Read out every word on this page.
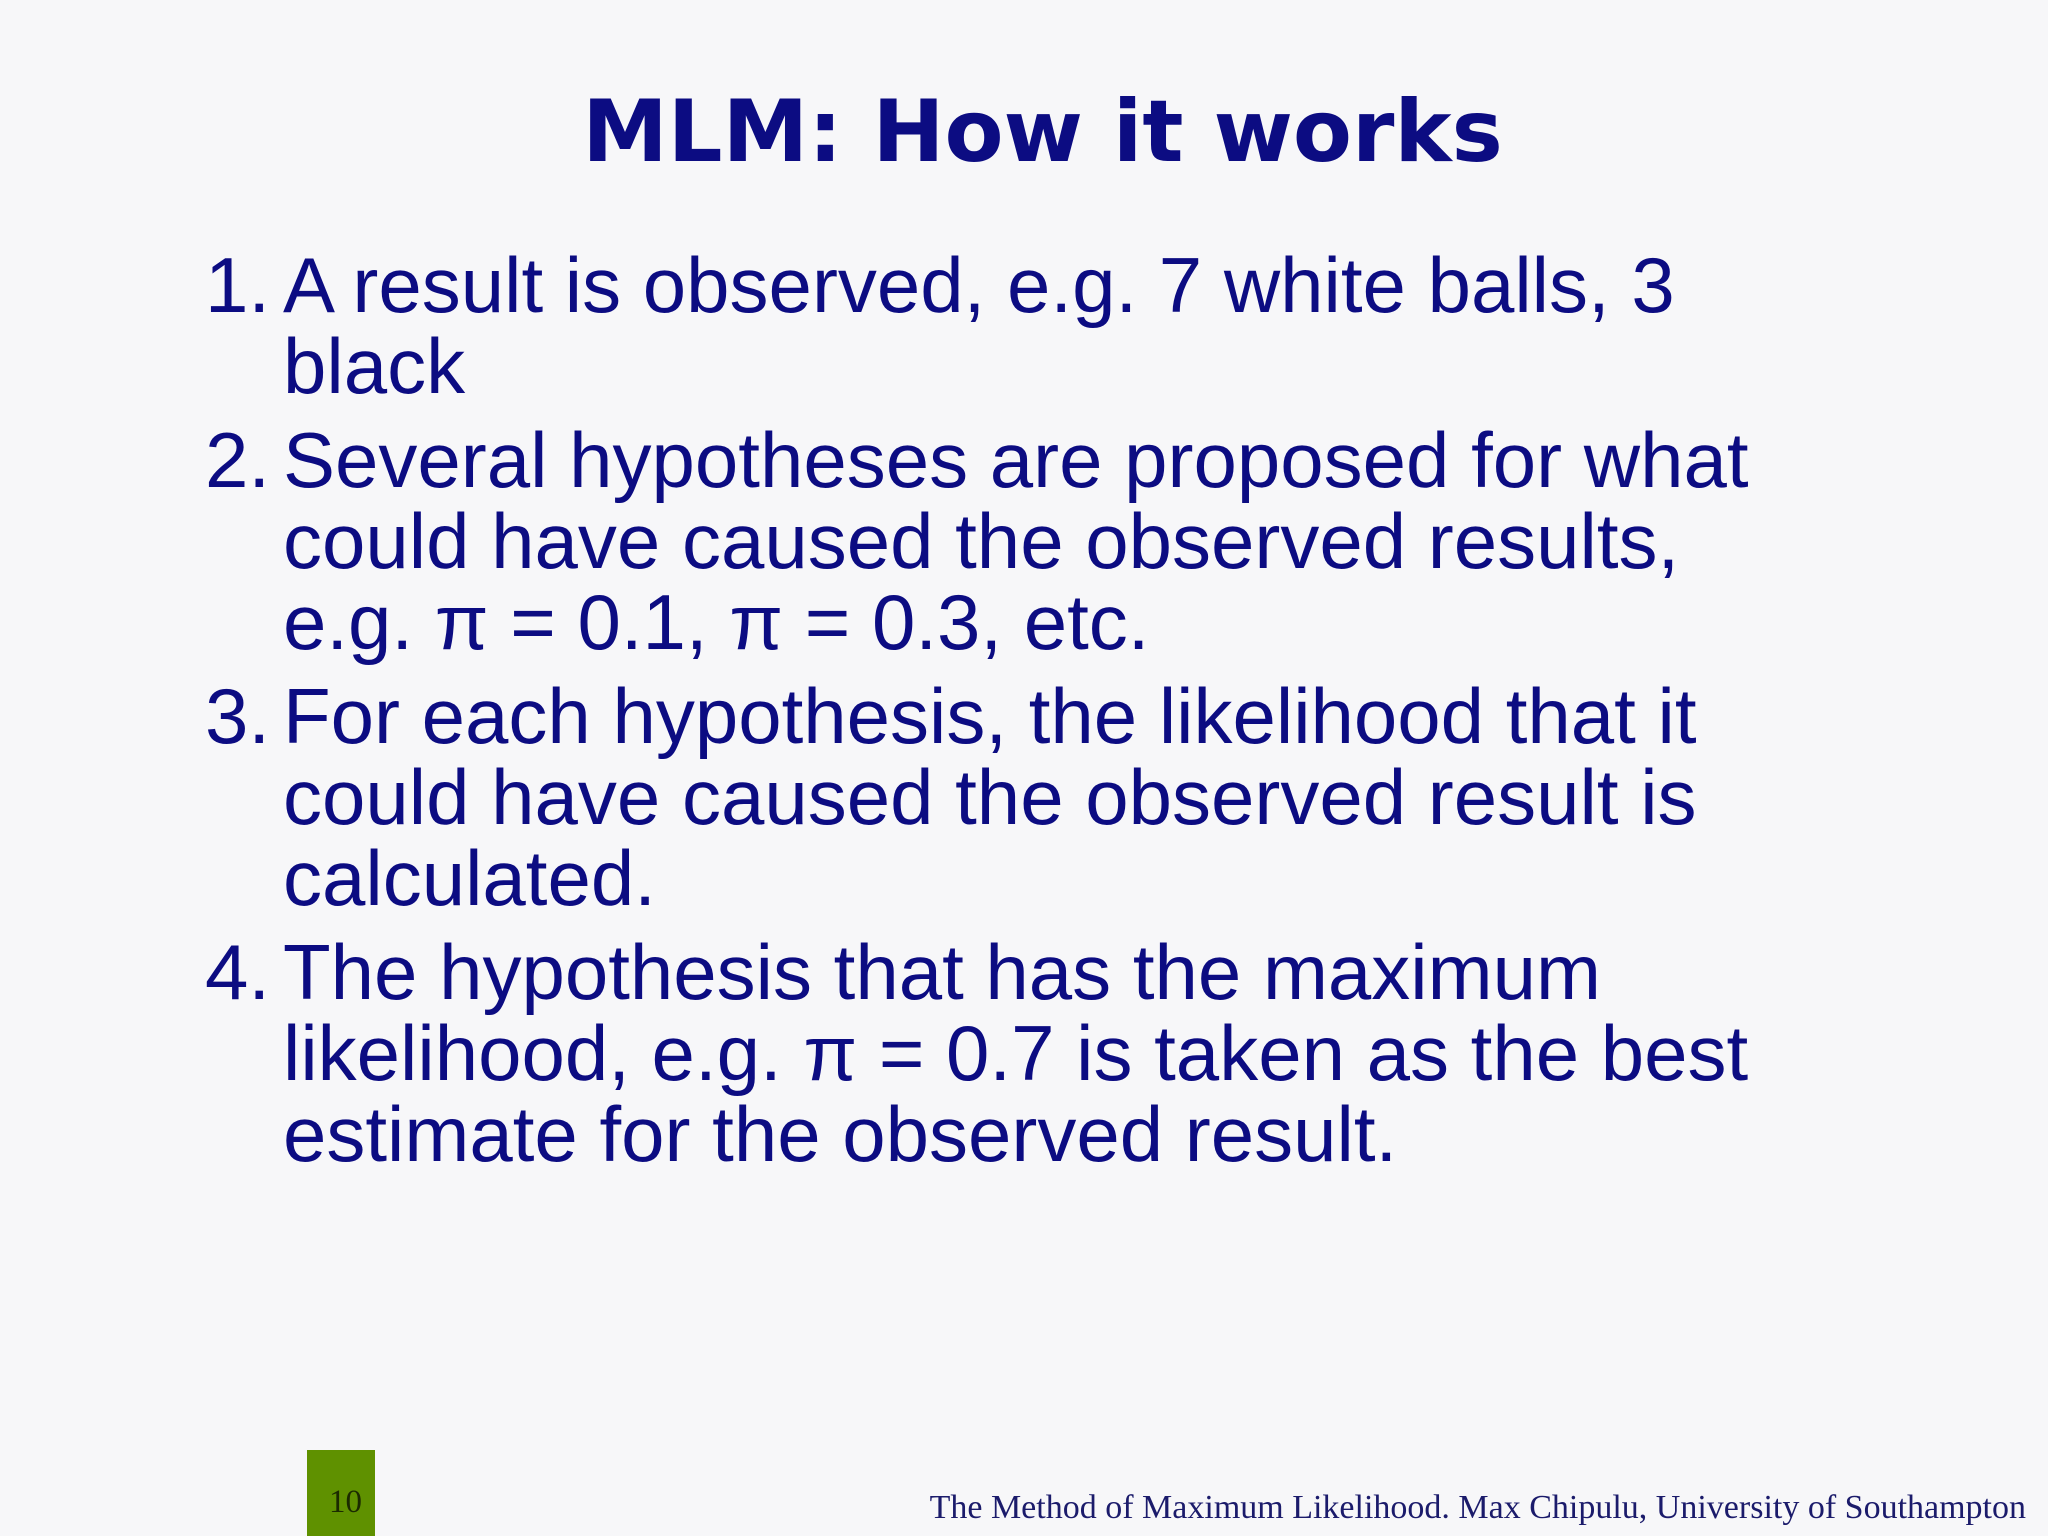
MLM: How it works
1. A result is observed, e.g. 7 white balls, 3
black
2. Several hypotheses are proposed for what
could have caused the observed results,
e.g. π = 0.1, π = 0.3, etc.
3. For each hypothesis, the likelihood that it
could have caused the observed result is
calculated.
4. The hypothesis that has the maximum
likelihood, e.g. π = 0.7 is taken as the best
estimate for the observed result.
10	The Method of Maximum Likelihood. Max Chipulu, University of Southampton
